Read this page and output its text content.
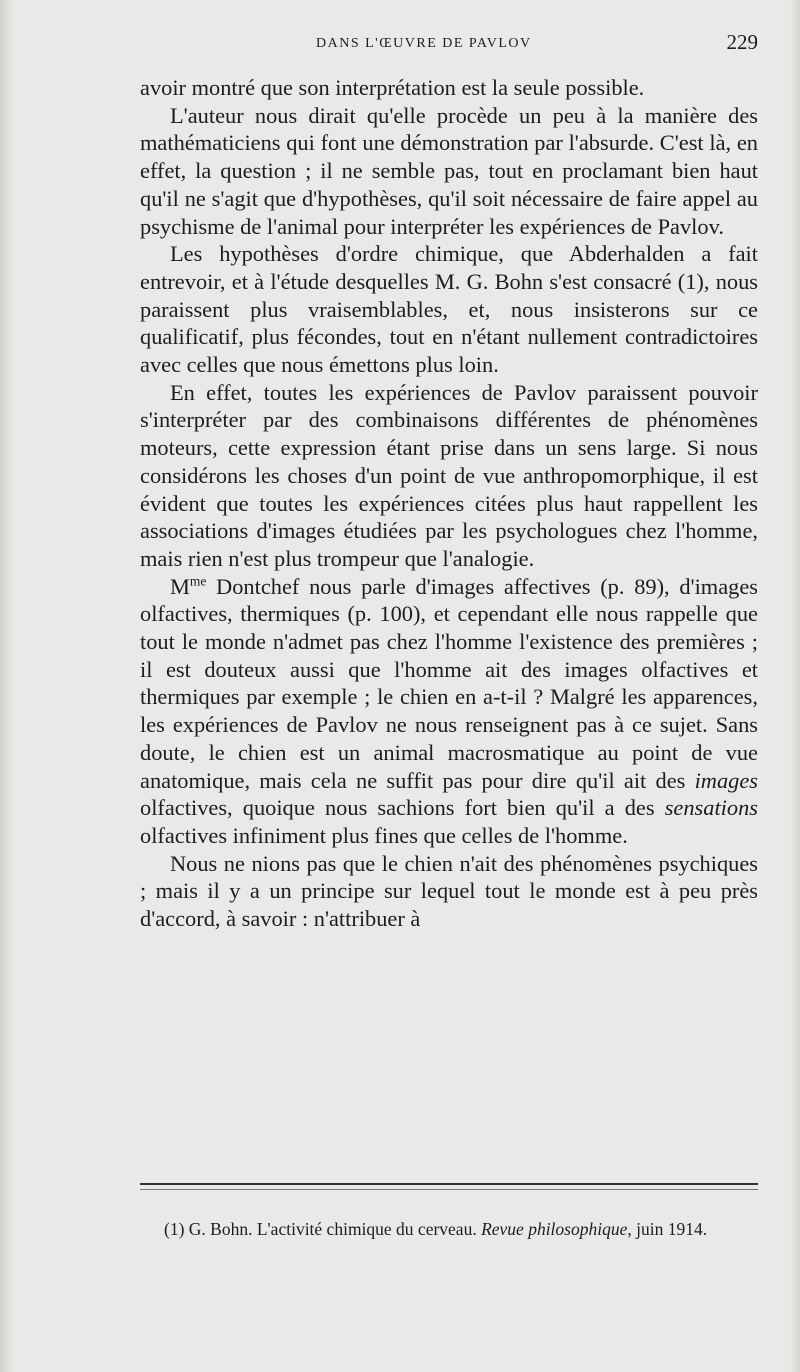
DANS L'ŒUVRE DE PAVLOV	229

avoir montré que son interprétation est la seule possible.

L'auteur nous dirait qu'elle procède un peu à la manière des mathématiciens qui font une démonstration par l'absurde. C'est là, en effet, la question ; il ne semble pas, tout en proclamant bien haut qu'il ne s'agit que d'hypothèses, qu'il soit nécessaire de faire appel au psychisme de l'animal pour interpréter les expériences de Pavlov.

Les hypothèses d'ordre chimique, que Abderhalden a fait entrevoir, et à l'étude desquelles M. G. Bohn s'est consacré (1), nous paraissent plus vraisemblables, et, nous insisterons sur ce qualificatif, plus fécondes, tout en n'étant nullement contradictoires avec celles que nous émettons plus loin.

En effet, toutes les expériences de Pavlov paraissent pouvoir s'interpréter par des combinaisons différentes de phénomènes moteurs, cette expression étant prise dans un sens large. Si nous considérons les choses d'un point de vue anthropomorphique, il est évident que toutes les expériences citées plus haut rappellent les associations d'images étudiées par les psychologues chez l'homme, mais rien n'est plus trompeur que l'analogie.

$M^{me}$ Dontchef nous parle d'images affectives (p. 89), d'images olfactives, thermiques (p. 100), et cependant elle nous rappelle que tout le monde n'admet pas chez l'homme l'existence des premières ; il est douteux aussi que l'homme ait des images olfactives et thermiques par exemple ; le chien en a-t-il ? Malgré les apparences, les expériences de Pavlov ne nous renseignent pas à ce sujet. Sans doute, le chien est un animal macrosmatique au point de vue anatomique, mais cela ne suffit pas pour dire qu'il ait des images olfactives, quoique nous sachions fort bien qu'il a des sensations olfactives infiniment plus fines que celles de l'homme.

Nous ne nions pas que le chien n'ait des phénomènes psychiques ; mais il y a un principe sur lequel tout le monde est à peu près d'accord, à savoir : n'attribuer à

(1) G. Bohn. L'activité chimique du cerveau. Revue philosophique, juin 1914.
